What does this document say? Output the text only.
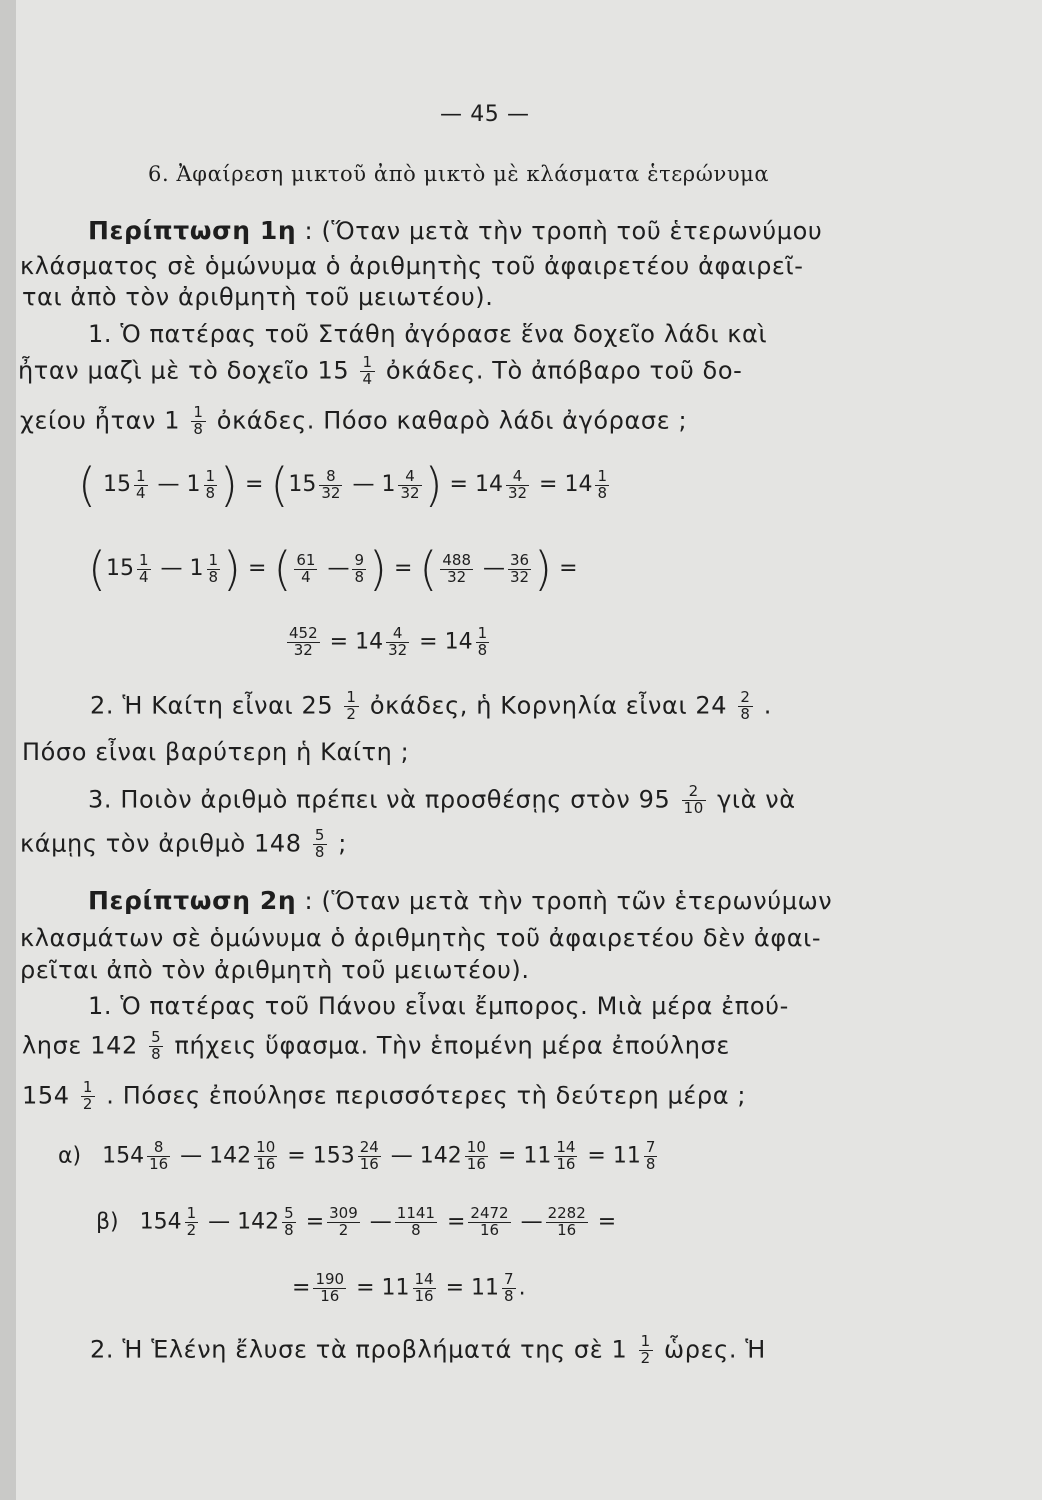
— 45 —
6. Ἀφαίρεση μικτοῦ ἀπὸ μικτὸ μὲ κλάσματα ἑτερώνυμα
Περίπτωση 1η : (Ὅταν μετὰ τὴν τροπὴ τοῦ ἑτερωνύμου
κλάσματος σὲ ὁμώνυμα ὁ ἀριθμητὴς τοῦ ἀφαιρετέου ἀφαιρεῖ-
ται ἀπὸ τὸν ἀριθμητὴ τοῦ μειωτέου).
1. Ὁ πατέρας τοῦ Στάθη ἀγόρασε ἕνα δοχεῖο λάδι καὶ
ἦταν μαζὶ μὲ τὸ δοχεῖο $15 \frac{1}{4}$ ὀκάδες. Τὸ ἀπόβαρο τοῦ δο-
χείου ἦταν $1 \frac{1}{8}$ ὀκάδες. Πόσο καθαρὸ λάδι ἀγόρασε ;
( $15 \frac{1}{4}$ — $1 \frac{1}{8}$ ) = ($15 \frac{8}{32}$ — $1 \frac{4}{32}$ ) = $14 \frac{4}{32} = 14 \frac{1}{8}$
($15 \frac{1}{4}$ — $1 \frac{1}{8}$ ) = ( $\frac{61}{4}$ — $\frac{9}{8}$ ) = ( $\frac{488}{32}$ — $\frac{36}{32}$ ) =
$\frac{452}{32} = 14 \frac{4}{32} = 14 \frac{1}{8}$
2. Ἡ Καίτη εἶναι $25 \frac{1}{2}$ ὀκάδες, ἡ Κορνηλία εἶναι $24 \frac{2}{8}$ .
Πόσο εἶναι βαρύτερη ἡ Καίτη ;
3. Ποιὸν ἀριθμὸ πρέπει νὰ προσθέσῃς στὸν $95 \frac{2}{10}$ γιὰ νὰ
κάμῃς τὸν ἀριθμὸ $148 \frac{5}{8}$ ;
Περίπτωση 2η : (Ὅταν μετὰ τὴν τροπὴ τῶν ἑτερωνύμων
κλασμάτων σὲ ὁμώνυμα ὁ ἀριθμητὴς τοῦ ἀφαιρετέου δὲν ἀφαι-
ρεῖται ἀπὸ τὸν ἀριθμητὴ τοῦ μειωτέου).
1. Ὁ πατέρας τοῦ Πάνου εἶναι ἔμπορος. Μιὰ μέρα ἐπού-
λησε $142 \frac{5}{8}$ πήχεις ὕφασμα. Τὴν ἑπομένη μέρα ἐπούλησε
$154 \frac{1}{2}$ . Πόσες ἐπούλησε περισσότερες τὴ δεύτερη μέρα ;
α) $154 \frac{8}{16}$ — $142 \frac{10}{16} = 153 \frac{24}{16}$ — $142 \frac{10}{16} = 11 \frac{14}{16} = 11 \frac{7}{8}$
β) $154 \frac{1}{2}$ — $142 \frac{5}{8} = \frac{309}{2}$ — $\frac{1141}{8} = \frac{2472}{16}$ — $\frac{2282}{16}$ =
= $\frac{190}{16} = 11 \frac{14}{16} = 11 \frac{7}{8}$ .
2. Ἡ Ἑλένη ἔλυσε τὰ προβλήματά της σὲ $1 \frac{1}{2}$ ὧρες. Ἡ
